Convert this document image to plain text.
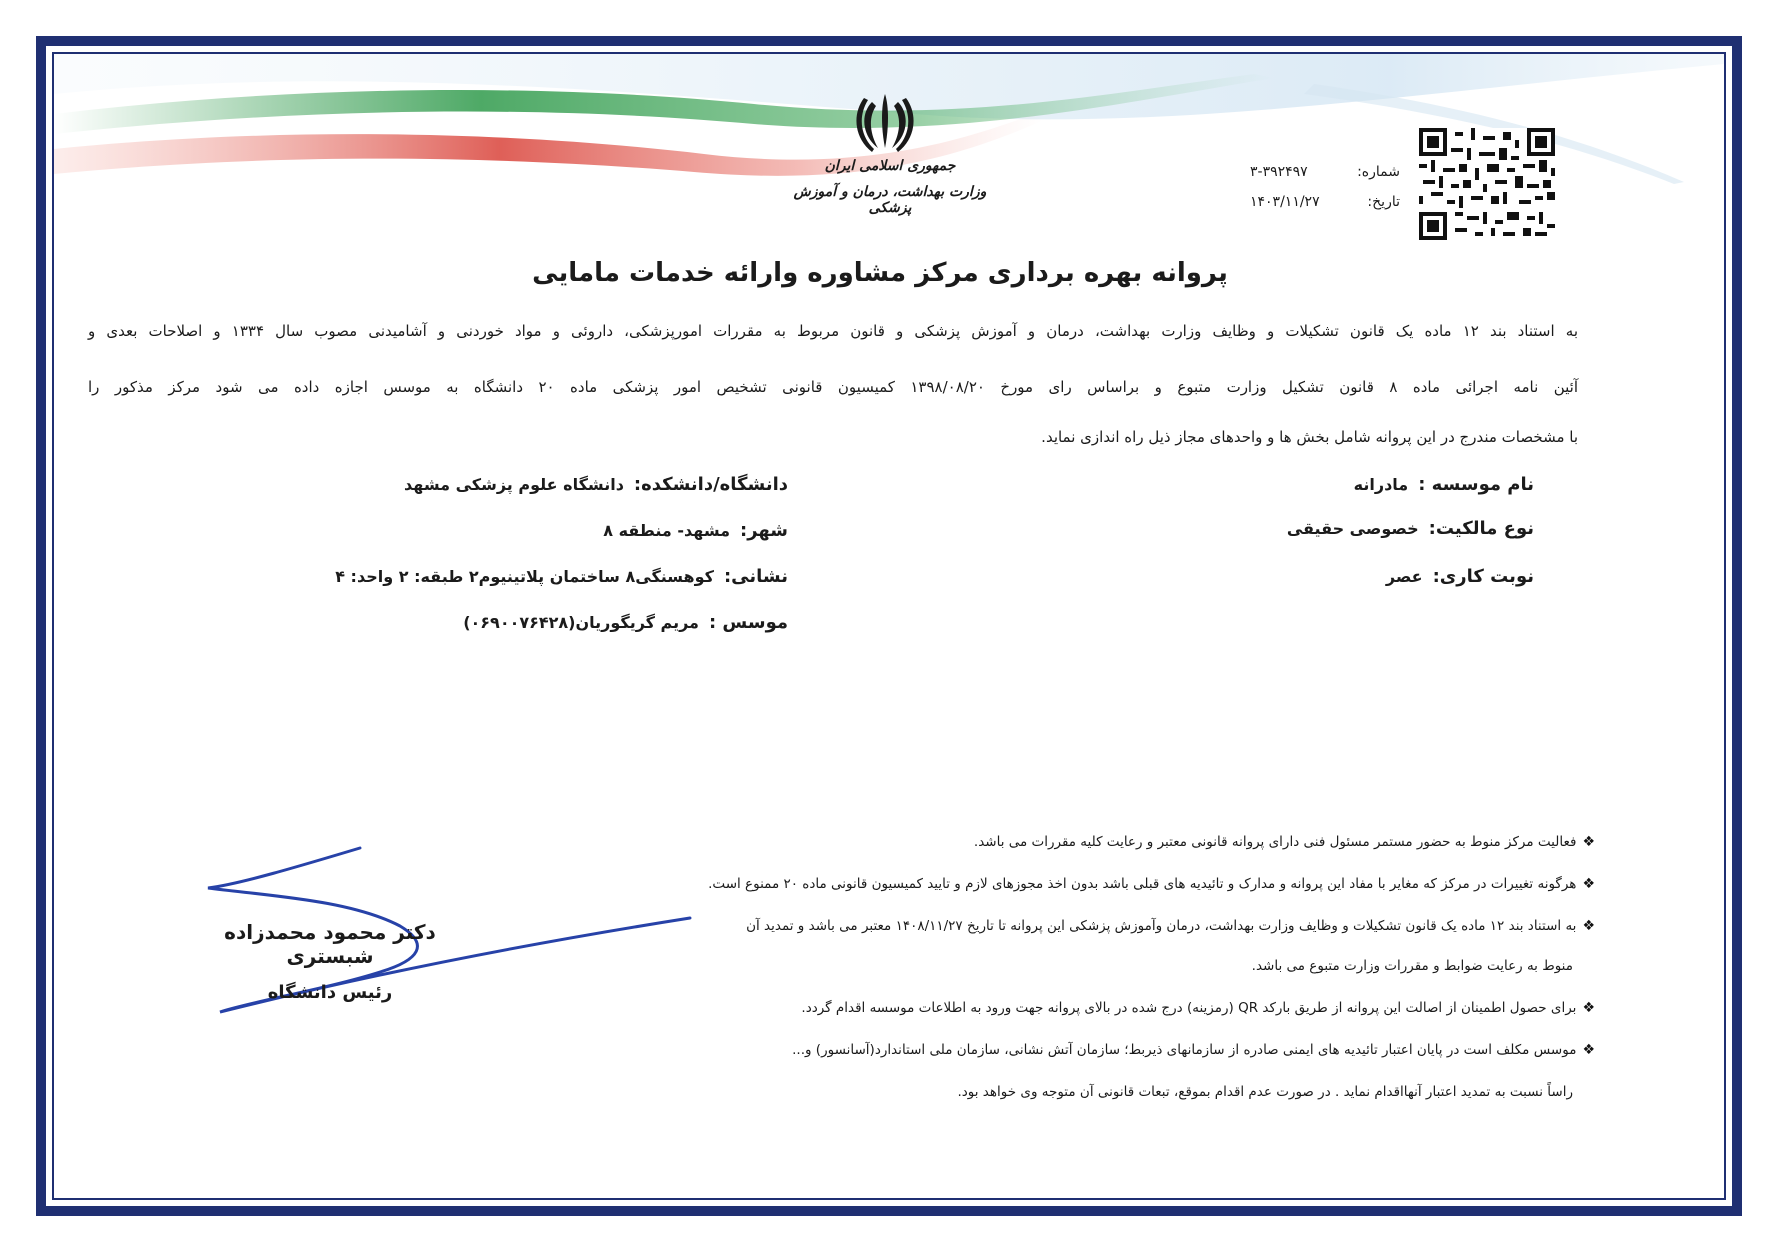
جمهوری اسلامی ایران
وزارت بهداشت، درمان و آموزش پزشکی
شماره:
۳-۳۹۲۴۹۷
تاریخ:
۱۴۰۳/۱۱/۲۷
پروانه بهره برداری مرکز مشاوره وارائه خدمات مامایی
به استناد بند ۱۲ ماده یک قانون تشکیلات و وظایف وزارت بهداشت، درمان و آموزش پزشکی و قانون مربوط به مقررات امورپزشکی، داروئی و مواد خوردنی و آشامیدنی مصوب سال ۱۳۳۴ و اصلاحات بعدی و
آئین نامه اجرائی ماده ۸ قانون تشکیل وزارت متبوع و براساس رای مورخ ۱۳۹۸/۰۸/۲۰ کمیسیون قانونی تشخیص امور پزشکی ماده ۲۰ دانشگاه به موسس اجازه داده می شود مرکز مذکور را
با مشخصات مندرج در این پروانه شامل بخش ها و واحدهای مجاز ذیل راه اندازی نماید.
نام موسسه :مادرانه
نوع مالکیت:خصوصی حقیقی
نوبت کاری:عصر
دانشگاه/دانشکده:دانشگاه علوم پزشکی مشهد
شهر:مشهد- منطقه ۸
نشانی:کوهسنگی۸ ساختمان پلاتینیوم۲ طبقه: ۲ واحد: ۴
موسس :مریم گریگوریان(۰۶۹۰۰۷۶۴۲۸)
❖فعالیت مرکز منوط به حضور مستمر مسئول فنی دارای پروانه قانونی معتبر و رعایت کلیه مقررات می باشد.
❖هرگونه تغییرات در مرکز که مغایر با مفاد این پروانه و مدارک و تائیدیه های قبلی باشد بدون اخذ مجوزهای لازم و تایید کمیسیون قانونی ماده ۲۰ ممنوع است.
❖به استناد بند ۱۲ ماده یک قانون تشکیلات و وظایف وزارت بهداشت، درمان وآموزش پزشکی این پروانه تا تاریخ ۱۴۰۸/۱۱/۲۷ معتبر می باشد و تمدید آن
منوط به رعایت ضوابط و مقررات وزارت متبوع می باشد.
❖برای حصول اطمینان از اصالت این پروانه از طریق بارکد QR (رمزینه) درج شده در بالای پروانه جهت ورود به اطلاعات موسسه اقدام گردد.
❖موسس مکلف است در پایان اعتبار تائیدیه های ایمنی صادره از سازمانهای ذیربط؛ سازمان آتش نشانی، سازمان ملی استاندارد(آسانسور) و...
راساً نسبت به تمدید اعتبار آنهااقدام نماید . در صورت عدم اقدام بموقع، تبعات قانونی آن متوجه وی خواهد بود.
دکتر محمود محمدزاده شبستری
رئیس دانشگاه
